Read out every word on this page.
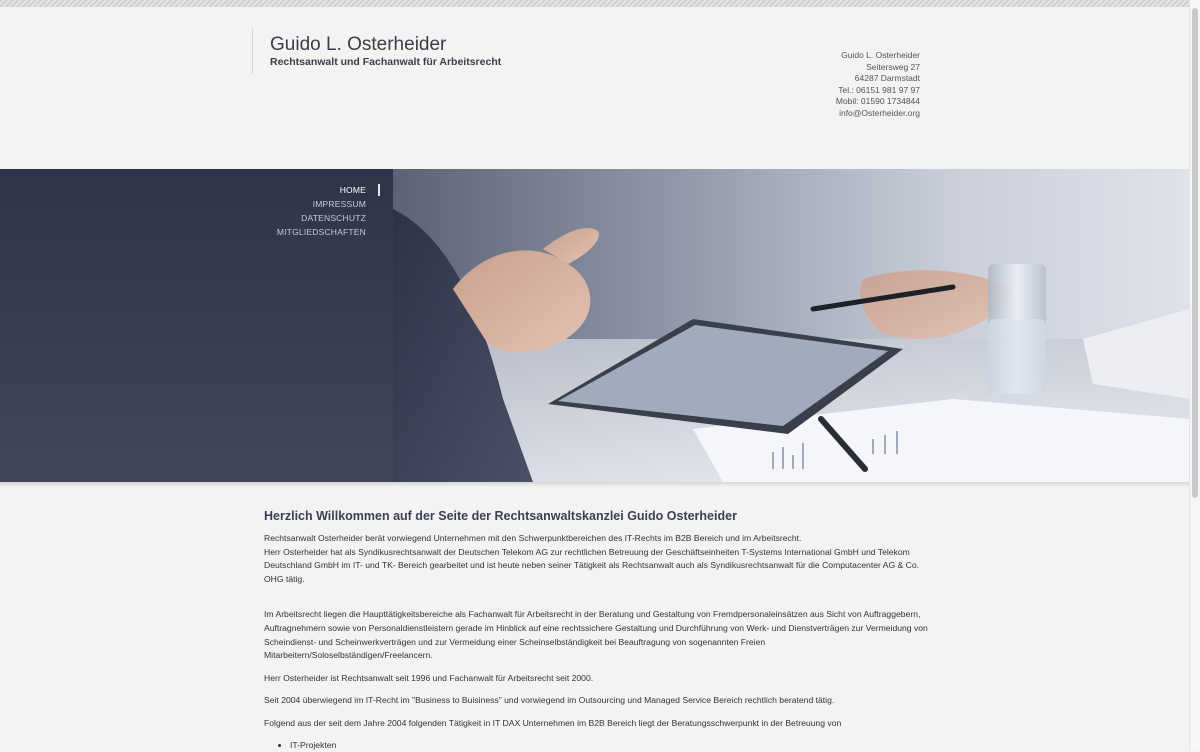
Guido L. Osterheider
Rechtsanwalt und Fachanwalt für Arbeitsrecht
Guido L. Osterheider
Seitersweg 27
64287 Darmstadt
Tel.: 06151 981 97 97
Mobil: 01590 1734844
info@Osterheider.org
HOME
IMPRESSUM
DATENSCHUTZ
MITGLIEDSCHAFTEN
Herzlich Willkommen auf der Seite der Rechtsanwaltskanzlei Guido Osterheider

Rechtsanwalt Osterheider berät vorwiegend Unternehmen mit den Schwerpunktbereichen des IT-Rechts im B2B Bereich und im Arbeitsrecht.

Herr Osterheider hat als Syndikusrechtsanwalt der Deutschen Telekom AG zur rechtlichen Betreuung der Geschäftseinheiten T-Systems International GmbH und Telekom Deutschland GmbH im IT- und TK- Bereich gearbeitet und ist heute neben seiner Tätigkeit als Rechtsanwalt auch als Syndikusrechtsanwalt für die Computacenter AG & Co. OHG tätig.

Im Arbeitsrecht liegen die Haupttätigkeitsbereiche als Fachanwalt für Arbeitsrecht in der Beratung und Gestaltung von Fremdpersonaleinsätzen aus Sicht von Auftraggebern, Auftragnehmern sowie von Personaldienstleistern gerade im Hinblick auf eine rechtssichere Gestaltung und Durchführung von Werk- und Dienstverträgen zur Vermeidung von Scheindienst- und Scheinwerkverträgen und zur Vermeidung einer Scheinselbständigkeit bei Beauftragung von sogenannten Freien Mitarbeitern/Soloselbständigen/Freelancern.

Herr Osterheider ist Rechtsanwalt seit 1996 und Fachanwalt für Arbeitsrecht seit 2000.

Seit 2004 überwiegend im IT-Recht im "Business to Buisiness" und vorwiegend im Outsourcing und Managed Service Bereich rechtlich beratend tätig.

Folgend aus der seit dem Jahre 2004 folgenden Tätigkeit in IT DAX Unternehmen im B2B Bereich liegt der Beratungsschwerpunkt in der Betreuung von

• IT-Projekten
